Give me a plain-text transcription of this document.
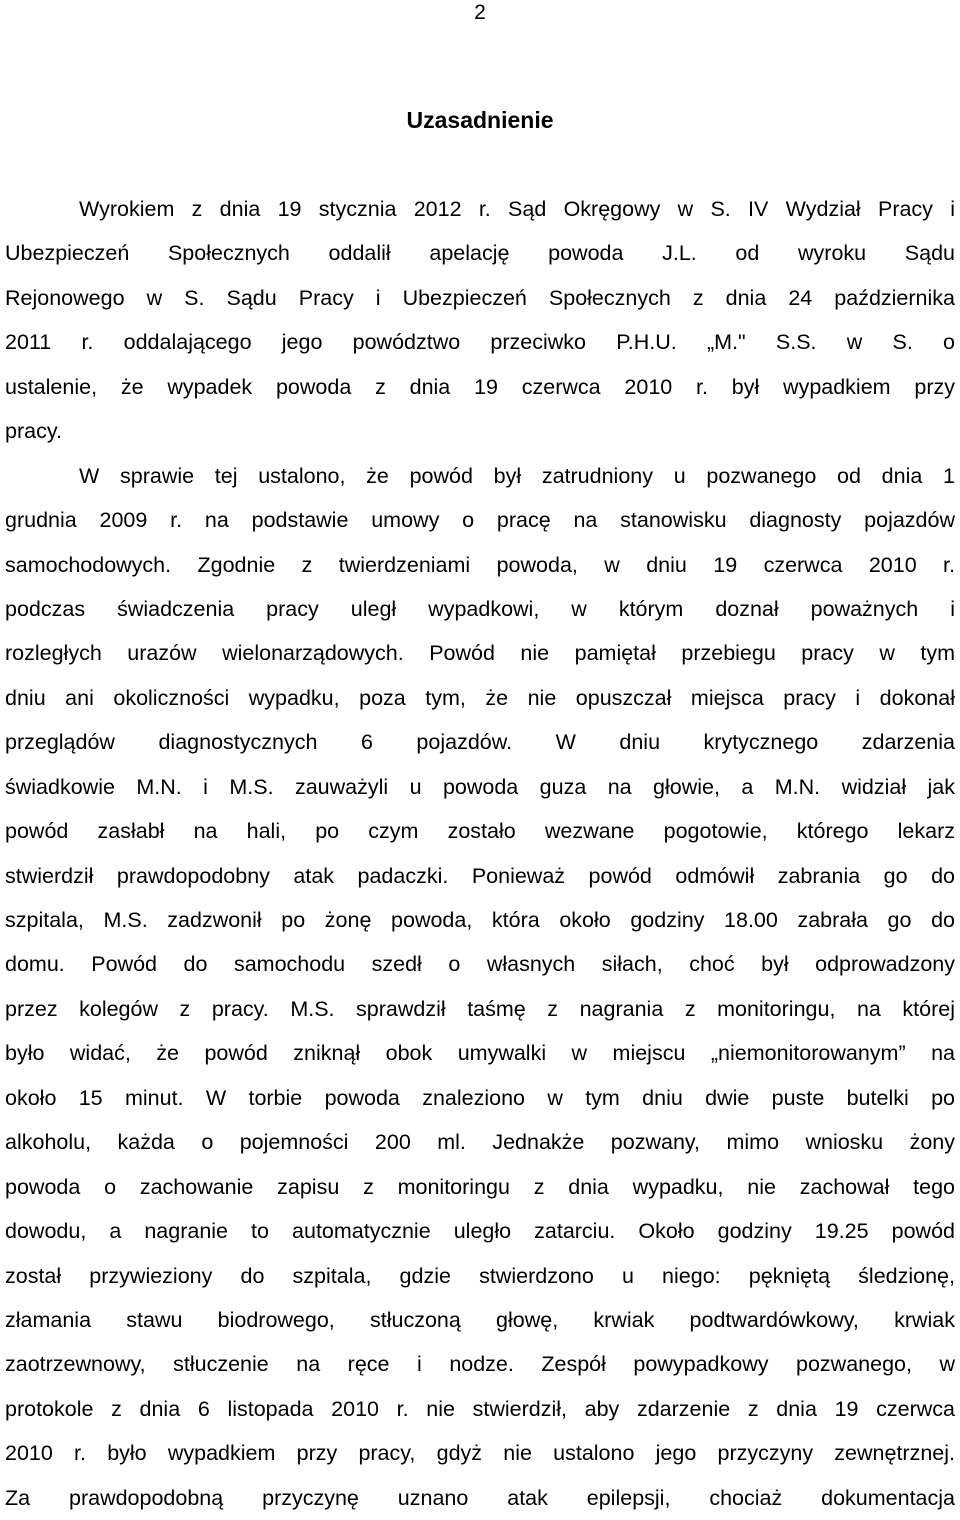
2
Uzasadnienie
Wyrokiem z dnia 19 stycznia 2012 r. Sąd Okręgowy w S. IV Wydział Pracy i
Ubezpieczeń Społecznych oddalił apelację powoda J.L. od wyroku Sądu
Rejonowego w S. Sądu Pracy i Ubezpieczeń Społecznych z dnia 24 października
2011 r. oddalającego jego powództwo przeciwko P.H.U. „M." S.S. w S. o
ustalenie, że wypadek powoda z dnia 19 czerwca 2010 r. był wypadkiem przy
pracy.
W sprawie tej ustalono, że powód był zatrudniony u pozwanego od dnia 1
grudnia 2009 r. na podstawie umowy o pracę na stanowisku diagnosty pojazdów
samochodowych. Zgodnie z twierdzeniami powoda, w dniu 19 czerwca 2010 r.
podczas świadczenia pracy uległ wypadkowi, w którym doznał poważnych i
rozległych urazów wielonarządowych. Powód nie pamiętał przebiegu pracy w tym
dniu ani okoliczności wypadku, poza tym, że nie opuszczał miejsca pracy i dokonał
przeglądów diagnostycznych 6 pojazdów. W dniu krytycznego zdarzenia
świadkowie M.N. i M.S. zauważyli u powoda guza na głowie, a M.N. widział jak
powód zasłabł na hali, po czym zostało wezwane pogotowie, którego lekarz
stwierdził prawdopodobny atak padaczki. Ponieważ powód odmówił zabrania go do
szpitala, M.S. zadzwonił po żonę powoda, która około godziny 18.00 zabrała go do
domu. Powód do samochodu szedł o własnych siłach, choć był odprowadzony
przez kolegów z pracy. M.S. sprawdził taśmę z nagrania z monitoringu, na której
było widać, że powód zniknął obok umywalki w miejscu „niemonitorowanym” na
około 15 minut. W torbie powoda znaleziono w tym dniu dwie puste butelki po
alkoholu, każda o pojemności 200 ml. Jednakże pozwany, mimo wniosku żony
powoda o zachowanie zapisu z monitoringu z dnia wypadku, nie zachował tego
dowodu, a nagranie to automatycznie uległo zatarciu. Około godziny 19.25 powód
został przywieziony do szpitala, gdzie stwierdzono u niego: pękniętą śledzionę,
złamania stawu biodrowego, stłuczoną głowę, krwiak podtwardówkowy, krwiak
zaotrzewnowy, stłuczenie na ręce i nodze. Zespół powypadkowy pozwanego, w
protokole z dnia 6 listopada 2010 r. nie stwierdził, aby zdarzenie z dnia 19 czerwca
2010 r. było wypadkiem przy pracy, gdyż nie ustalono jego przyczyny zewnętrznej.
Za prawdopodobną przyczynę uznano atak epilepsji, chociaż dokumentacja
